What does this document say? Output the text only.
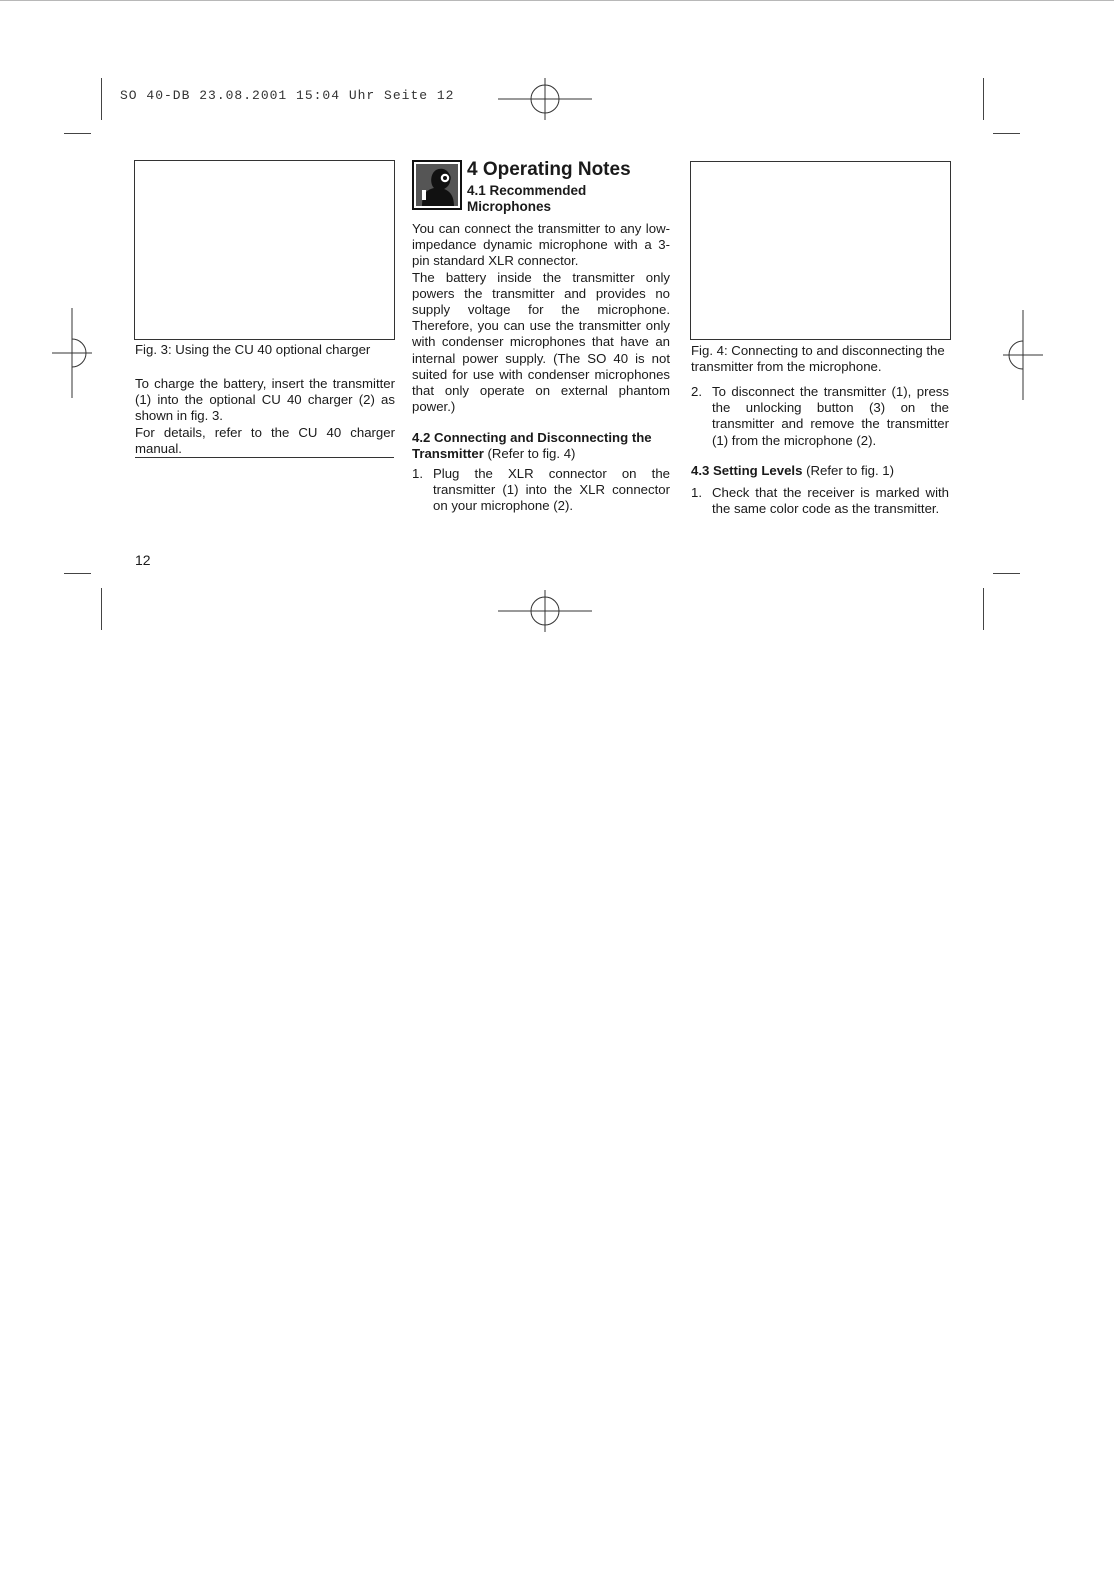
SO 40-DB 23.08.2001 15:04 Uhr Seite 12
Fig. 3: Using the CU 40 optional charger

To charge the battery, insert the transmitter (1) into the optional CU 40 charger (2) as shown in fig. 3.

For details, refer to the CU 40 charger manual.

4 Operating Notes
4.1 Recommended Microphones

You can connect the transmitter to any low-impedance dynamic microphone with a 3-pin standard XLR connector.

The battery inside the transmitter only powers the transmitter and provides no supply voltage for the microphone. Therefore, you can use the transmitter only with condenser microphones that have an internal power supply. (The SO 40 is not suited for use with condenser microphones that only operate on external phantom power.)

4.2 Connecting and Disconnecting the Transmitter (Refer to fig. 4)
1. Plug the XLR connector on the transmitter (1) into the XLR connector on your microphone (2).
Fig. 4: Connecting to and disconnecting the transmitter from the microphone.
2. To disconnect the transmitter (1), press the unlocking button (3) on the transmitter and remove the transmitter (1) from the microphone (2).
4.3 Setting Levels (Refer to fig. 1)
1. Check that the receiver is marked with the same color code as the transmitter.
12
